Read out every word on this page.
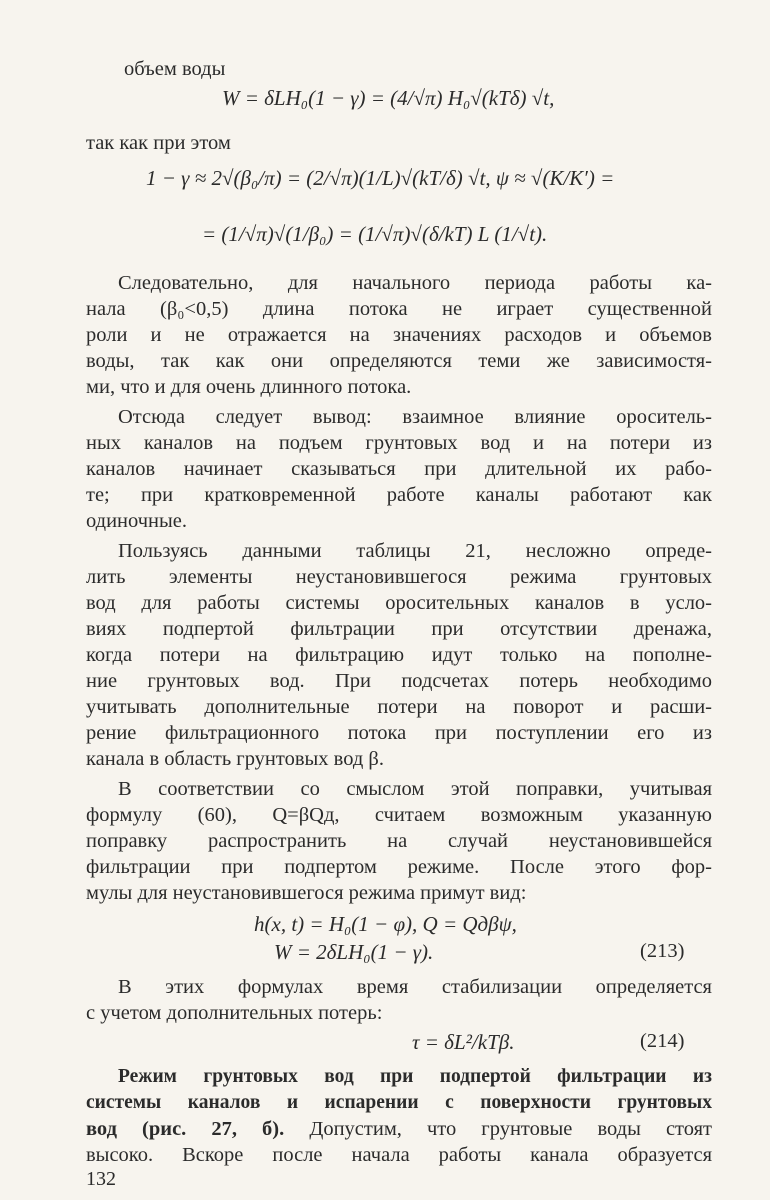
объем воды
W = δLH₀(1 − γ) = (4/√π) H₀√(kTδ) √t,
так как при этом
1 − γ ≈ 2√(β₀/π) = (2/√π)(1/L)√(kT/δ) √t, ψ ≈ √(K/K′) =
= (1/√π)√(1/β₀) = (1/√π)√(δ/kT) L (1/√t).
Следовательно, для начального периода работы ка-
нала (β₀<0,5) длина потока не играет существенной
роли и не отражается на значениях расходов и объемов
воды, так как они определяются теми же зависимостя-
ми, что и для очень длинного потока.
Отсюда следует вывод: взаимное влияние ороситель-
ных каналов на подъем грунтовых вод и на потери из
каналов начинает сказываться при длительной их рабо-
те; при кратковременной работе каналы работают как
одиночные.
Пользуясь данными таблицы 21, несложно опреде-
лить элементы неустановившегося режима грунтовых
вод для работы системы оросительных каналов в усло-
виях подпертой фильтрации при отсутствии дренажа,
когда потери на фильтрацию идут только на пополне-
ние грунтовых вод. При подсчетах потерь необходимо
учитывать дополнительные потери на поворот и расши-
рение фильтрационного потока при поступлении его из
канала в область грунтовых вод β.
В соответствии со смыслом этой поправки, учитывая
формулу (60), Q=βQд, считаем возможным указанную
поправку распространить на случай неустановившейся
фильтрации при подпертом режиме. После этого фор-
мулы для неустановившегося режима примут вид:
h(x, t) = H₀(1 − φ), Q = Qдβψ,
W = 2δLH₀(1 − γ).	(213)
В этих формулах время стабилизации определяется
с учетом дополнительных потерь:
τ = δL²/kTβ.	(214)
Режим грунтовых вод при подпертой фильтрации из
системы каналов и испарении с поверхности грунтовых
вод (рис. 27, б). Допустим, что грунтовые воды стоят
высоко. Вскоре после начала работы канала образуется
132
